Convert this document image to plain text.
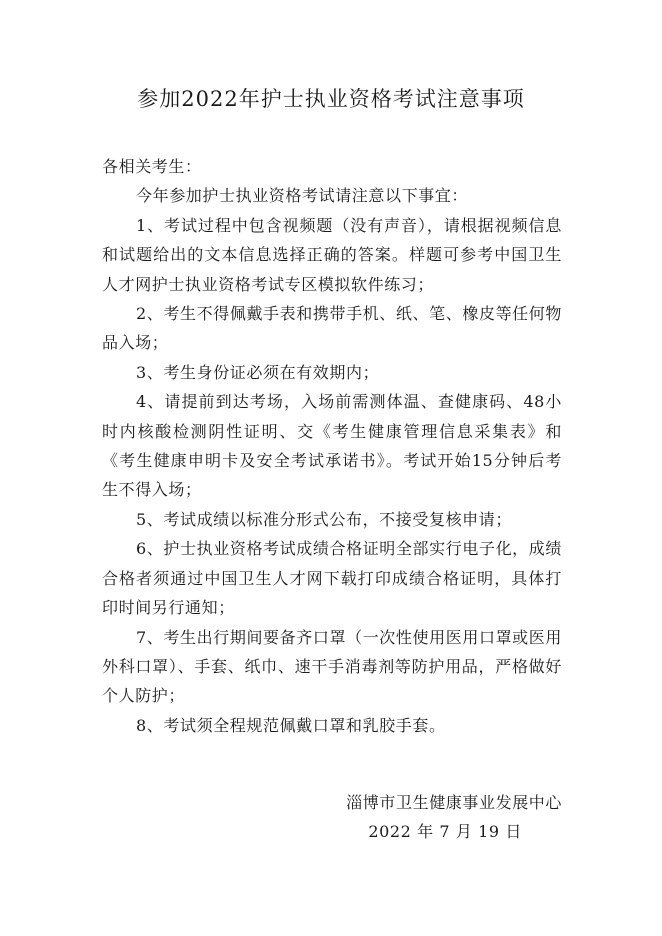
参加2022年护士执业资格考试注意事项

各相关考生：

今年参加护士执业资格考试请注意以下事宜：

1、考试过程中包含视频题（没有声音），请根据视频信息和试题给出的文本信息选择正确的答案。样题可参考中国卫生人才网护士执业资格考试专区模拟软件练习；

2、考生不得佩戴手表和携带手机、纸、笔、橡皮等任何物品入场；

3、考生身份证必须在有效期内；

4、请提前到达考场，入场前需测体温、查健康码、48小时内核酸检测阴性证明、交《考生健康管理信息采集表》和《考生健康申明卡及安全考试承诺书》。考试开始15分钟后考生不得入场；

5、考试成绩以标准分形式公布，不接受复核申请；

6、护士执业资格考试成绩合格证明全部实行电子化，成绩合格者须通过中国卫生人才网下载打印成绩合格证明，具体打印时间另行通知；

7、考生出行期间要备齐口罩（一次性使用医用口罩或医用外科口罩）、手套、纸巾、速干手消毒剂等防护用品，严格做好个人防护；

8、考试须全程规范佩戴口罩和乳胶手套。

淄博市卫生健康事业发展中心
2022 年 7 月 19 日
